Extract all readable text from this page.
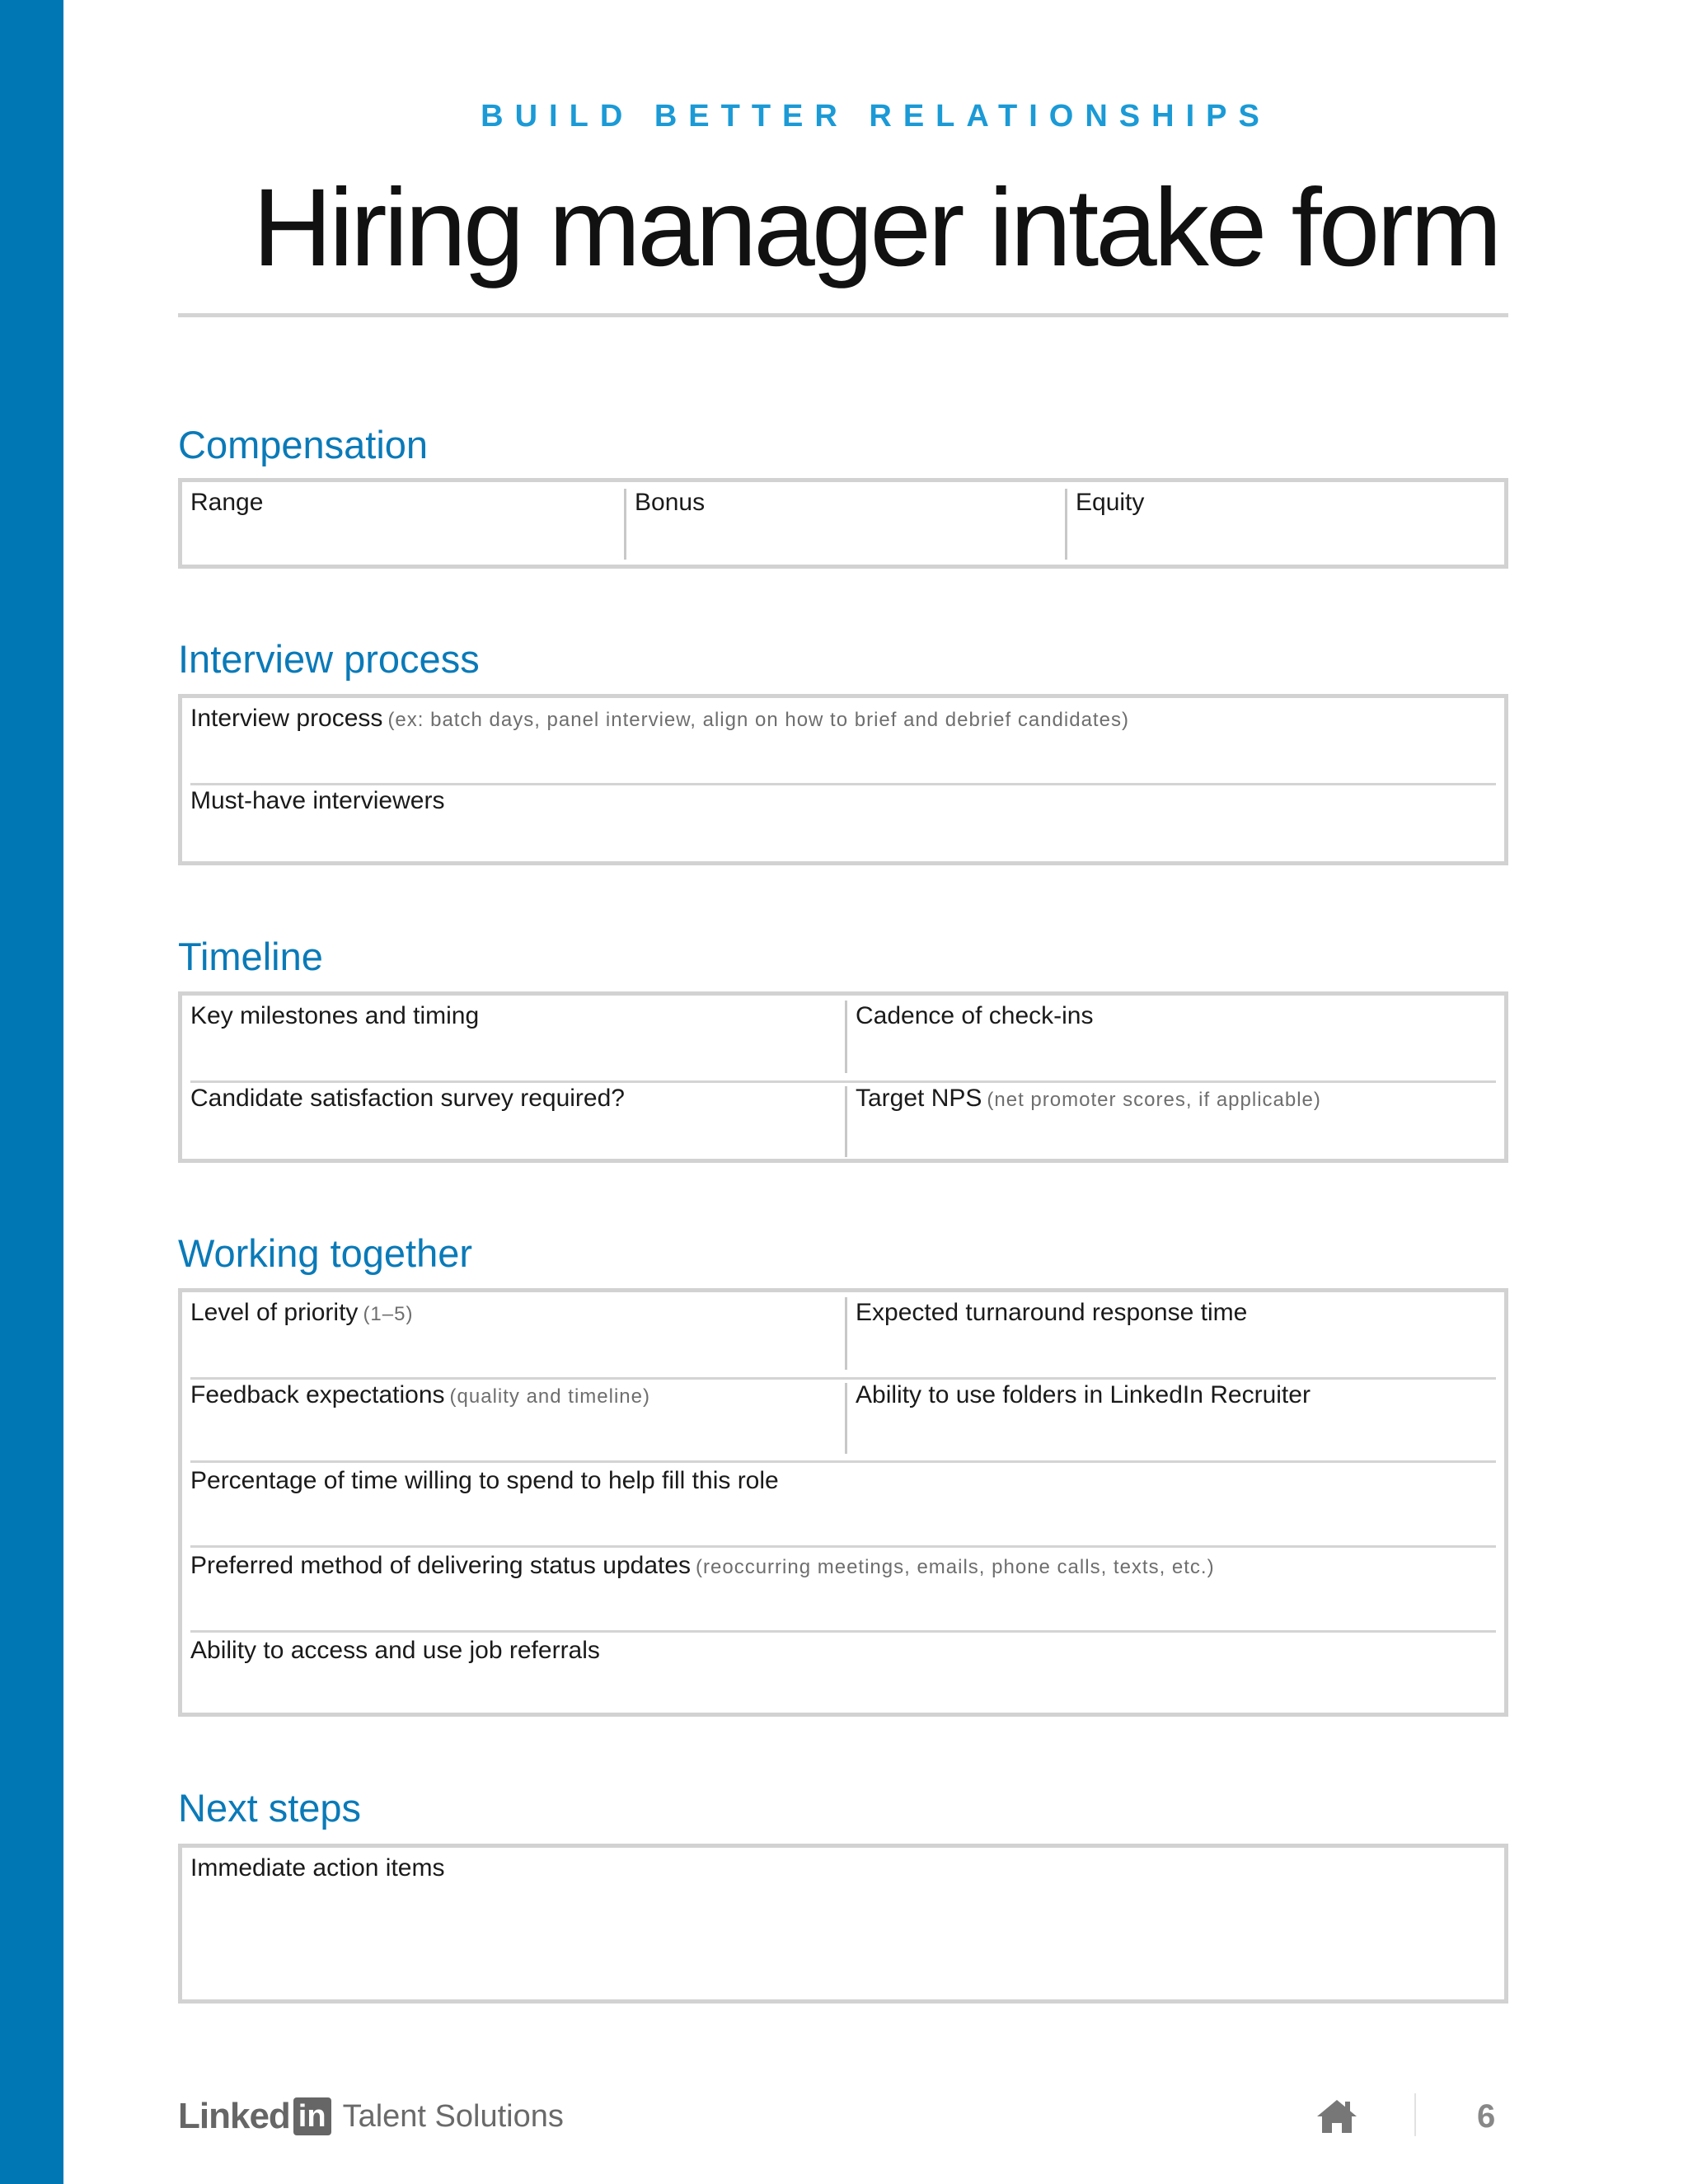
BUILD BETTER RELATIONSHIPS
Hiring manager intake form
Compensation
Range	Bonus	Equity
Interview process
Interview process (ex: batch days, panel interview, align on how to brief and debrief candidates)
Must-have interviewers
Timeline
Key milestones and timing	Cadence of check-ins
Candidate satisfaction survey required?	Target NPS (net promoter scores, if applicable)
Working together
Level of priority (1–5)	Expected turnaround response time
Feedback expectations (quality and timeline)	Ability to use folders in LinkedIn Recruiter
Percentage of time willing to spend to help fill this role
Preferred method of delivering status updates (reoccurring meetings, emails, phone calls, texts, etc.)
Ability to access and use job referrals
Next steps
Immediate action items
Linked in Talent Solutions	6
